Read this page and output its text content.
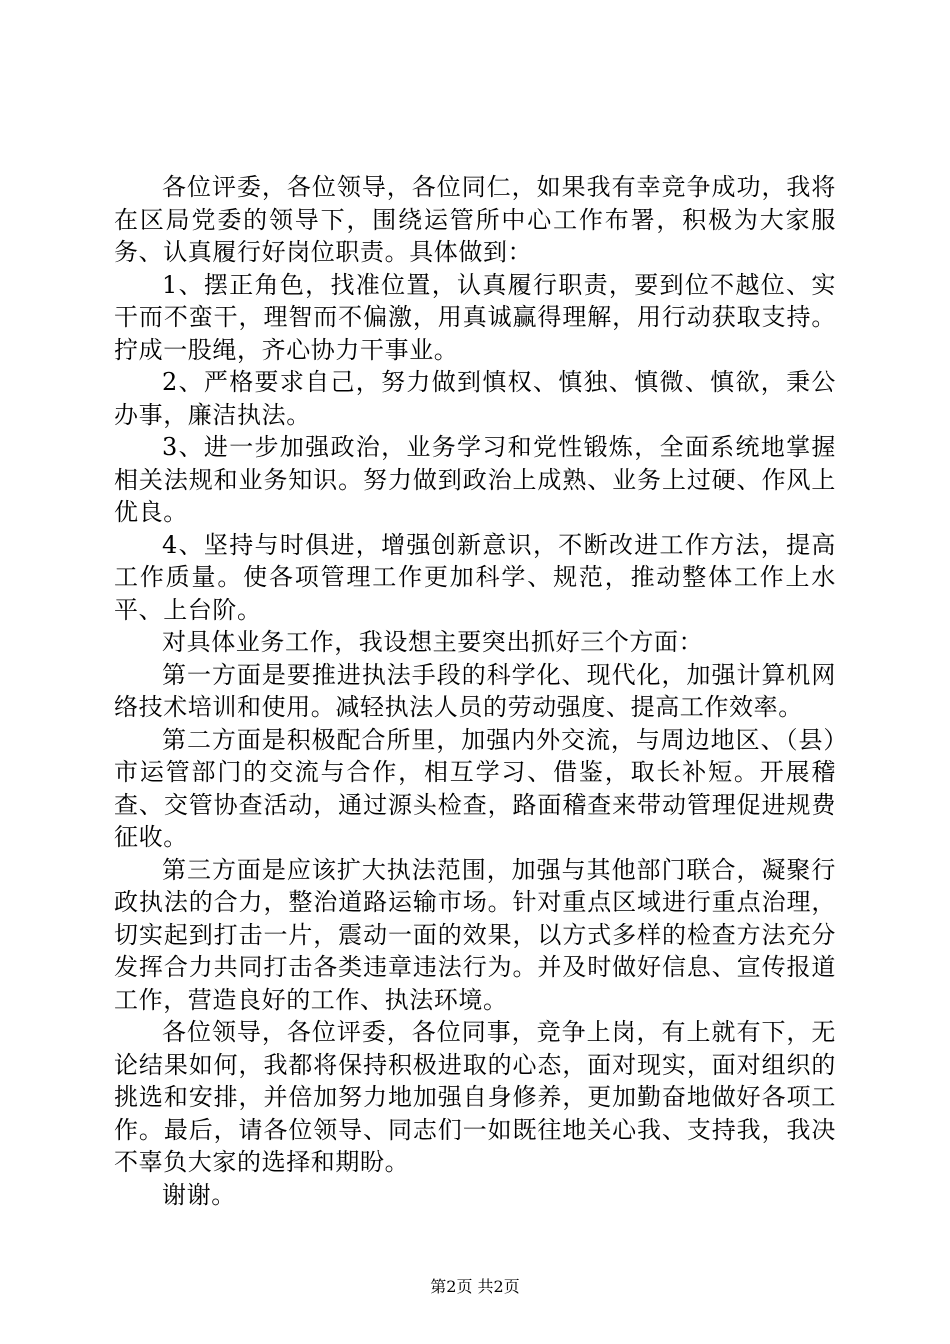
各位评委，各位领导，各位同仁，如果我有幸竞争成功，我将在区局党委的领导下，围绕运管所中心工作布署，积极为大家服务、认真履行好岗位职责。具体做到：

1、摆正角色，找准位置，认真履行职责，要到位不越位、实干而不蛮干，理智而不偏激，用真诚赢得理解，用行动获取支持。拧成一股绳，齐心协力干事业。

2、严格要求自己，努力做到慎权、慎独、慎微、慎欲，秉公办事，廉洁执法。

3、进一步加强政治，业务学习和党性锻炼，全面系统地掌握相关法规和业务知识。努力做到政治上成熟、业务上过硬、作风上优良。

4、坚持与时俱进，增强创新意识，不断改进工作方法，提高工作质量。使各项管理工作更加科学、规范，推动整体工作上水平、上台阶。

对具体业务工作，我设想主要突出抓好三个方面：

第一方面是要推进执法手段的科学化、现代化，加强计算机网络技术培训和使用。减轻执法人员的劳动强度、提高工作效率。

第二方面是积极配合所里，加强内外交流，与周边地区、（县）市运管部门的交流与合作，相互学习、借鉴，取长补短。开展稽查、交管协查活动，通过源头检查，路面稽查来带动管理促进规费征收。

第三方面是应该扩大执法范围，加强与其他部门联合，凝聚行政执法的合力，整治道路运输市场。针对重点区域进行重点治理，切实起到打击一片，震动一面的效果，以方式多样的检查方法充分发挥合力共同打击各类违章违法行为。并及时做好信息、宣传报道工作，营造良好的工作、执法环境。

各位领导，各位评委，各位同事，竞争上岗，有上就有下，无论结果如何，我都将保持积极进取的心态，面对现实，面对组织的挑选和安排，并倍加努力地加强自身修养，更加勤奋地做好各项工作。最后，请各位领导、同志们一如既往地关心我、支持我，我决不辜负大家的选择和期盼。

谢谢。

第2页 共2页
